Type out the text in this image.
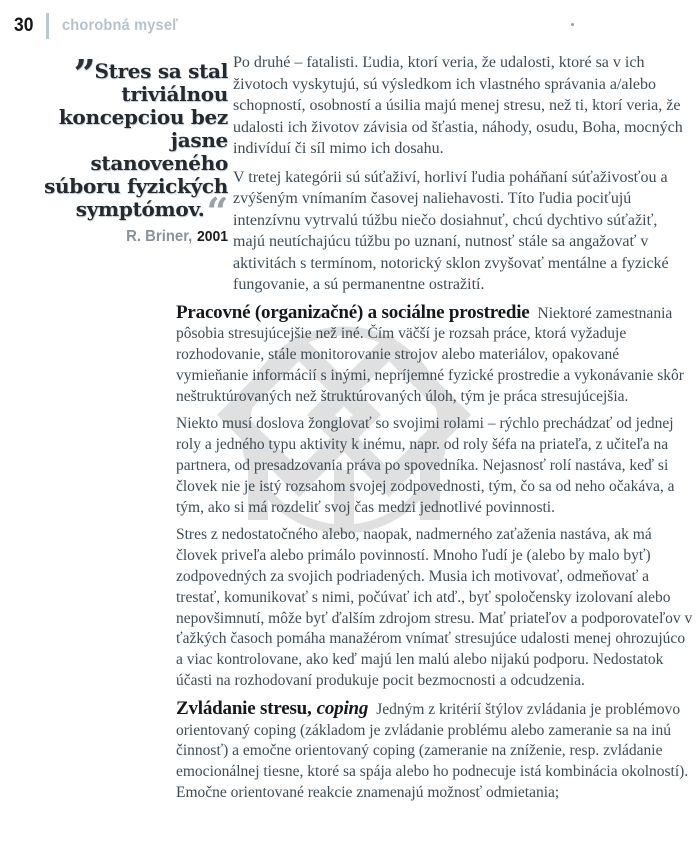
30 chorobná myseľ
”Stres sa stal triviálnou koncepciou bez jasne stanoveného súboru fyzických symptómov.“
R. Briner, 2001

Po druhé – fatalisti. Ľudia, ktorí veria, že udalosti, ktoré sa v ich životoch vyskytujú, sú výsledkom ich vlastného správania a/alebo schopností, osobností a úsilia majú menej stresu, než ti, ktorí veria, že udalosti ich životov závisia od šťastia, náhody, osudu, Boha, mocných indivíduí či síl mimo ich dosahu.

V tretej kategórii sú súťaživí, horliví ľudia poháňaní súťaživosťou a zvýšeným vnímaním časovej naliehavosti. Títo ľudia pociťujú intenzívnu vytrvalú túžbu niečo dosiahnuť, chcú dychtivo súťažiť, majú neutíchajúcu túžbu po uznaní, nutnosť stále sa angažovať v aktivitách s termínom, notorický sklon zvyšovať mentálne a fyzické fungovanie, a sú permanentne ostražití.

Pracovné (organizačné) a sociálne prostredie Niektoré zamestnania pôsobia stresujúcejšie než iné. Čím väčší je rozsah práce, ktorá vyžaduje rozhodovanie, stále monitorovanie strojov alebo materiálov, opakované vymieňanie informácií s inými, nepríjemné fyzické prostredie a vykonávanie skôr neštruktúrovaných než štruktúrovaných úloh, tým je práca stresujúcejšia.

Niekto musí doslova žonglovať so svojimi rolami – rýchlo prechádzať od jednej roly a jedného typu aktivity k inému, napr. od roly šéfa na priateľa, z učiteľa na partnera, od presadzovania práva po spovedníka. Nejasnosť rolí nastáva, keď si človek nie je istý rozsahom svojej zodpovednosti, tým, čo sa od neho očakáva, a tým, ako si má rozdeliť svoj čas medzi jednotlivé povinnosti.

Stres z nedostatočného alebo, naopak, nadmerného zaťaženia nastáva, ak má človek priveľa alebo primálo povinností. Mnoho ľudí je (alebo by malo byť) zodpovedných za svojich podriadených. Musia ich motivovať, odmeňovať a trestať, komunikovať s nimi, počúvať ich atď., byť spoločensky izolovaní alebo nepovšimnutí, môže byť ďalším zdrojom stresu. Mať priateľov a podporovateľov v ťažkých časoch pomáha manažérom vnímať stresujúce udalosti menej ohrozujúco a viac kontrolovane, ako keď majú len malú alebo nijakú podporu. Nedostatok účasti na rozhodovaní produkuje pocit bezmocnosti a odcudzenia.

Zvládanie stresu, coping Jedným z kritérií štýlov zvládania je problémovo orientovaný coping (základom je zvládanie problému alebo zameranie sa na inú činnosť) a emočne orientovaný coping (zameranie na zníženie, resp. zvládanie emocionálnej tiesne, ktoré sa spája alebo ho podnecuje istá kombinácia okolností). Emočne orientované reakcie znamenajú možnosť odmietania;
